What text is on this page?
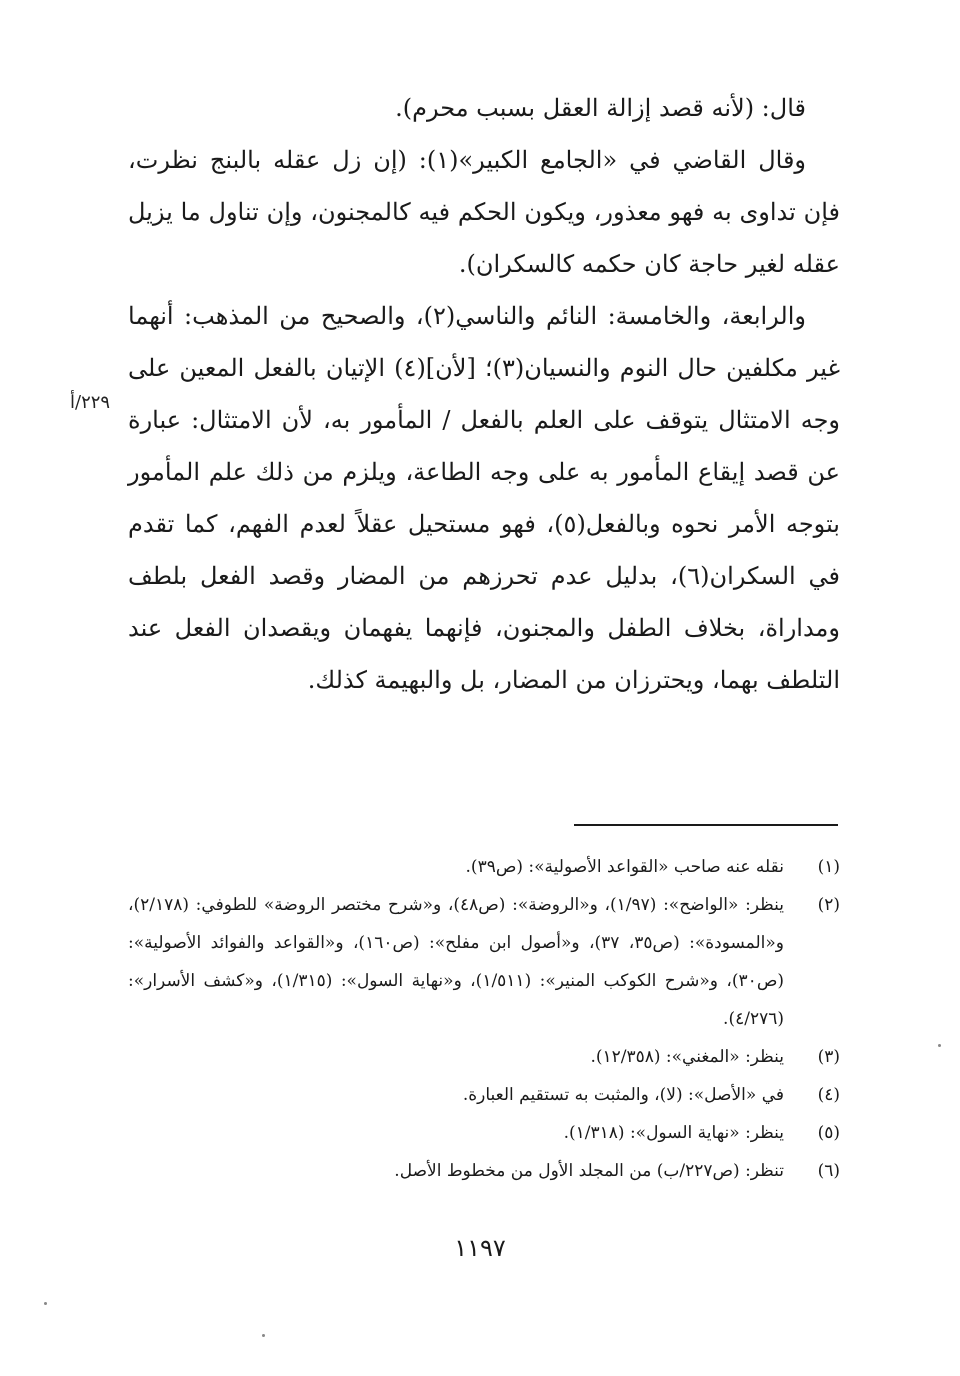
قال: (لأنه قصد إزالة العقل بسبب محرم).

وقال القاضي في «الجامع الكبير»(١): (إن زل عقله بالبنج نظرت، فإن تداوى به فهو معذور، ويكون الحكم فيه كالمجنون، وإن تناول ما يزيل عقله لغير حاجة كان حكمه كالسكران).

والرابعة، والخامسة: النائم والناسي(٢)، والصحيح من المذهب: أنهما غير مكلفين حال النوم والنسيان(٣)؛ [لأن](٤) الإتيان بالفعل المعين على وجه الامتثال يتوقف على العلم بالفعل / المأمور به، لأن الامتثال: عبارة عن قصد إيقاع المأمور به على وجه الطاعة، ويلزم من ذلك علم المأمور بتوجه الأمر نحوه وبالفعل(٥)، فهو مستحيل عقلاً لعدم الفهم، كما تقدم في السكران(٦)، بدليل عدم تحرزهم من المضار وقصد الفعل بلطف ومداراة، بخلاف الطفل والمجنون، فإنهما يفهمان ويقصدان الفعل عند التلطف بهما، ويحترزان من المضار، بل والبهيمة كذلك.

٢٢٩/أ
(١)
نقله عنه صاحب «القواعد الأصولية»: (ص٣٩).
(٢)
ينظر: «الواضح»: (١/٩٧)، و«الروضة»: (ص٤٨)، و«شرح مختصر الروضة» للطوفي: (٢/١٧٨)، و«المسودة»: (ص٣٥، ٣٧)، و«أصول ابن مفلح»: (ص١٦٠)، و«القواعد والفوائد الأصولية»: (ص٣٠)، و«شرح الكوكب المنير»: (١/٥١١)، و«نهاية السول»: (١/٣١٥)، و«كشف الأسرار»: (٤/٢٧٦).
(٣)
ينظر: «المغني»: (١٢/٣٥٨).
(٤)
في «الأصل»: (لا)، والمثبت به تستقيم العبارة.
(٥)
ينظر: «نهاية السول»: (١/٣١٨).
(٦)
تنظر: (ص٢٢٧/ب) من المجلد الأول من مخطوط الأصل.
١١٩٧
